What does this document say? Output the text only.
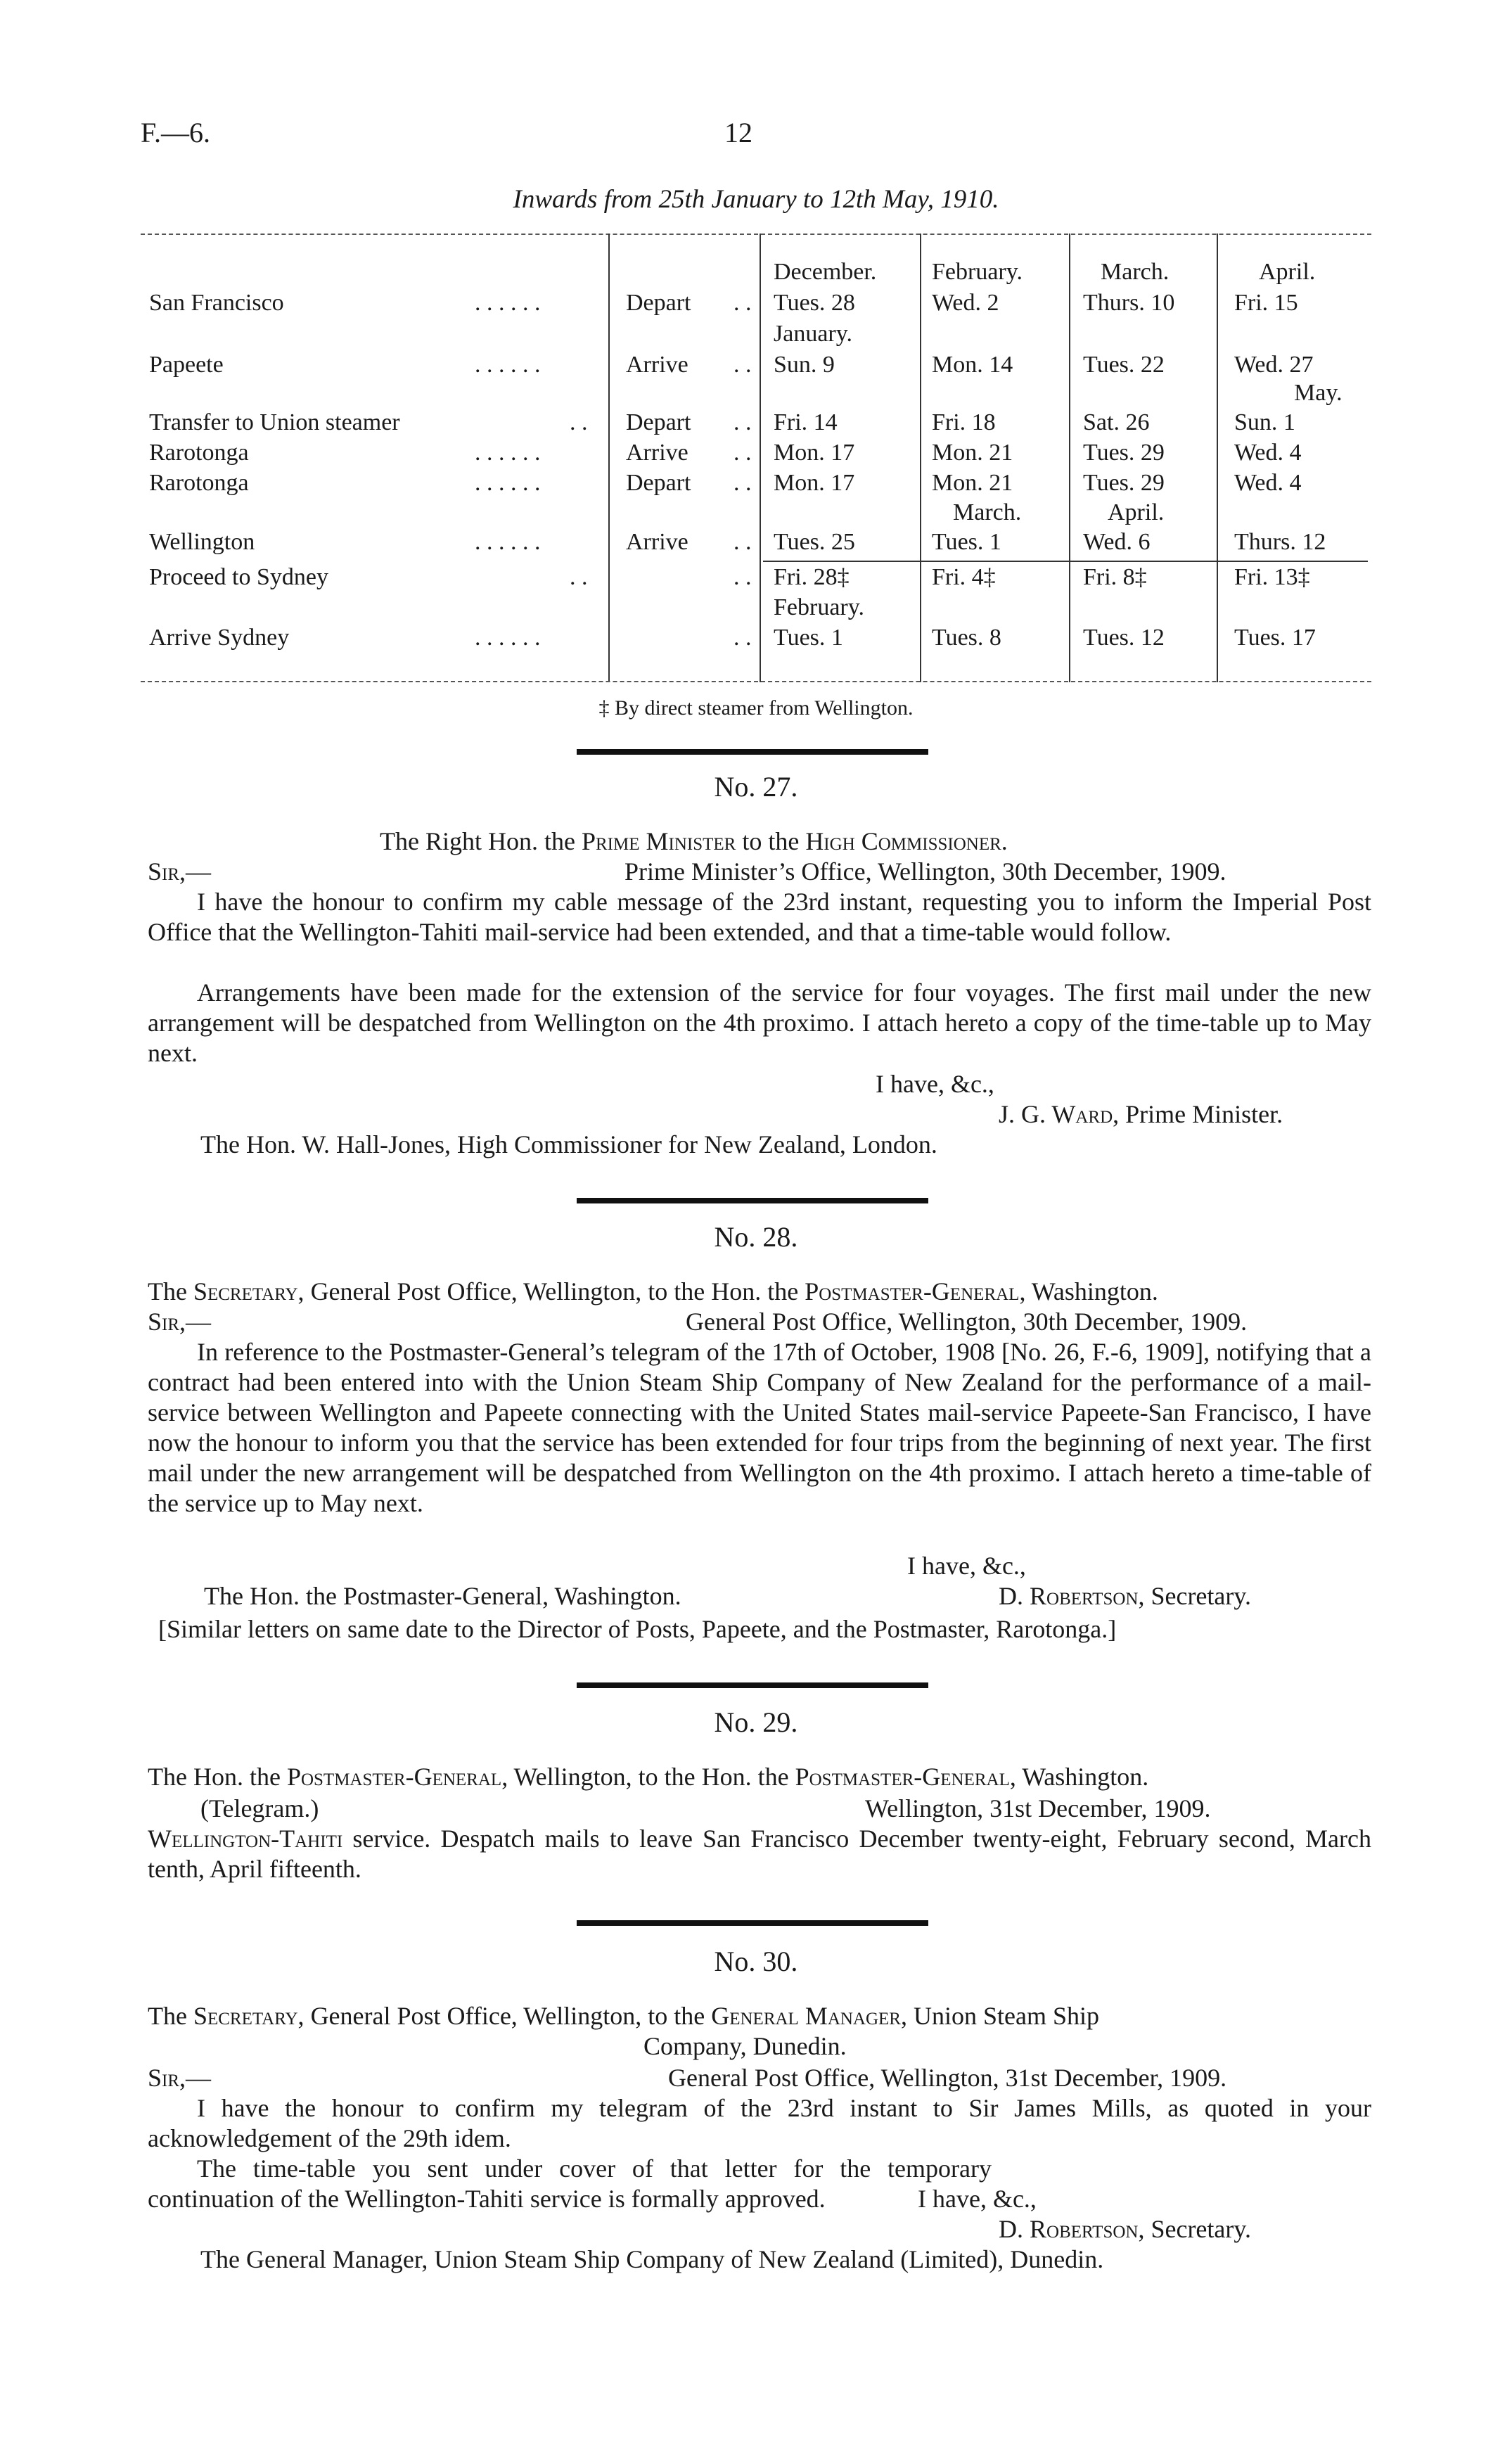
F.—6.	12
Inwards from 25th January to 12th May, 1910.
December. February.	March.	April.
San Francisco	. . . . . .	Depart . . Tues. 28	Wed. 2	Thurs. 10 Fri. 15
January.
Papeete	. . . . . .	Arrive . . Sun. 9	Mon. 14	Tues. 22	Wed. 27
May.
Transfer to Union steamer	. . Depart . . Fri. 14	Fri. 18	Sat. 26	Sun. 1
Rarotonga	. . . . . .	Arrive . . Mon. 17	Mon. 21	Tues. 29	Wed. 4
Rarotonga	. . . . . .	Depart . . Mon. 17	Mon. 21	Tues. 29	Wed. 4
March.	April.
Wellington	. . . . . .	Arrive . . Tues. 25	Tues. 1	Wed. 6	Thurs. 12
Proceed to Sydney	. .	. . Fri. 28‡	Fri. 4‡	Fri. 8‡	Fri. 13‡
February.
Arrive Sydney	. . . . . .	. . Tues. 1	Tues. 8	Tues. 12	Tues. 17
‡ By direct steamer from Wellington.
No. 27.
The Right Hon. the Prime Minister to the High Commissioner.
Sir,—	Prime Minister’s Office, Wellington, 30th December, 1909.
I have the honour to confirm my cable message of the 23rd instant, requesting you to inform the Imperial Post Office that the Wellington-Tahiti mail-service had been extended, and that a time-table would follow.
Arrangements have been made for the extension of the service for four voyages. The first mail under the new arrangement will be despatched from Wellington on the 4th proximo. I attach hereto a copy of the time-table up to May next.
I have, &c.,
J. G. Ward, Prime Minister.
The Hon. W. Hall-Jones, High Commissioner for New Zealand, London.
No. 28.
The Secretary, General Post Office, Wellington, to the Hon. the Postmaster-General, Washington.
Sir,—	General Post Office, Wellington, 30th December, 1909.
In reference to the Postmaster-General’s telegram of the 17th of October, 1908 [No. 26, F.-6, 1909], notifying that a contract had been entered into with the Union Steam Ship Company of New Zealand for the performance of a mail-service between Wellington and Papeete connecting with the United States mail-service Papeete-San Francisco, I have now the honour to inform you that the service has been extended for four trips from the beginning of next year. The first mail under the new arrangement will be despatched from Wellington on the 4th proximo. I attach hereto a time-table of the service up to May next.
I have, &c.,
The Hon. the Postmaster-General, Washington.	D. Robertson, Secretary.
[Similar letters on same date to the Director of Posts, Papeete, and the Postmaster, Rarotonga.]
No. 29.
The Hon. the Postmaster-General, Wellington, to the Hon. the Postmaster-General, Washington.
(Telegram.)	Wellington, 31st December, 1909.
Wellington-Tahiti service. Despatch mails to leave San Francisco December twenty-eight, February second, March tenth, April fifteenth.
No. 30.
The Secretary, General Post Office, Wellington, to the General Manager, Union Steam Ship
Company, Dunedin.
Sir,—	General Post Office, Wellington, 31st December, 1909.
I have the honour to confirm my telegram of the 23rd instant to Sir James Mills, as quoted in your acknowledgement of the 29th idem.
The time-table you sent under cover of that letter for the temporary continuation of the Wellington-Tahiti service is formally approved.	I have, &c.,
D. Robertson, Secretary.
The General Manager, Union Steam Ship Company of New Zealand (Limited), Dunedin.
